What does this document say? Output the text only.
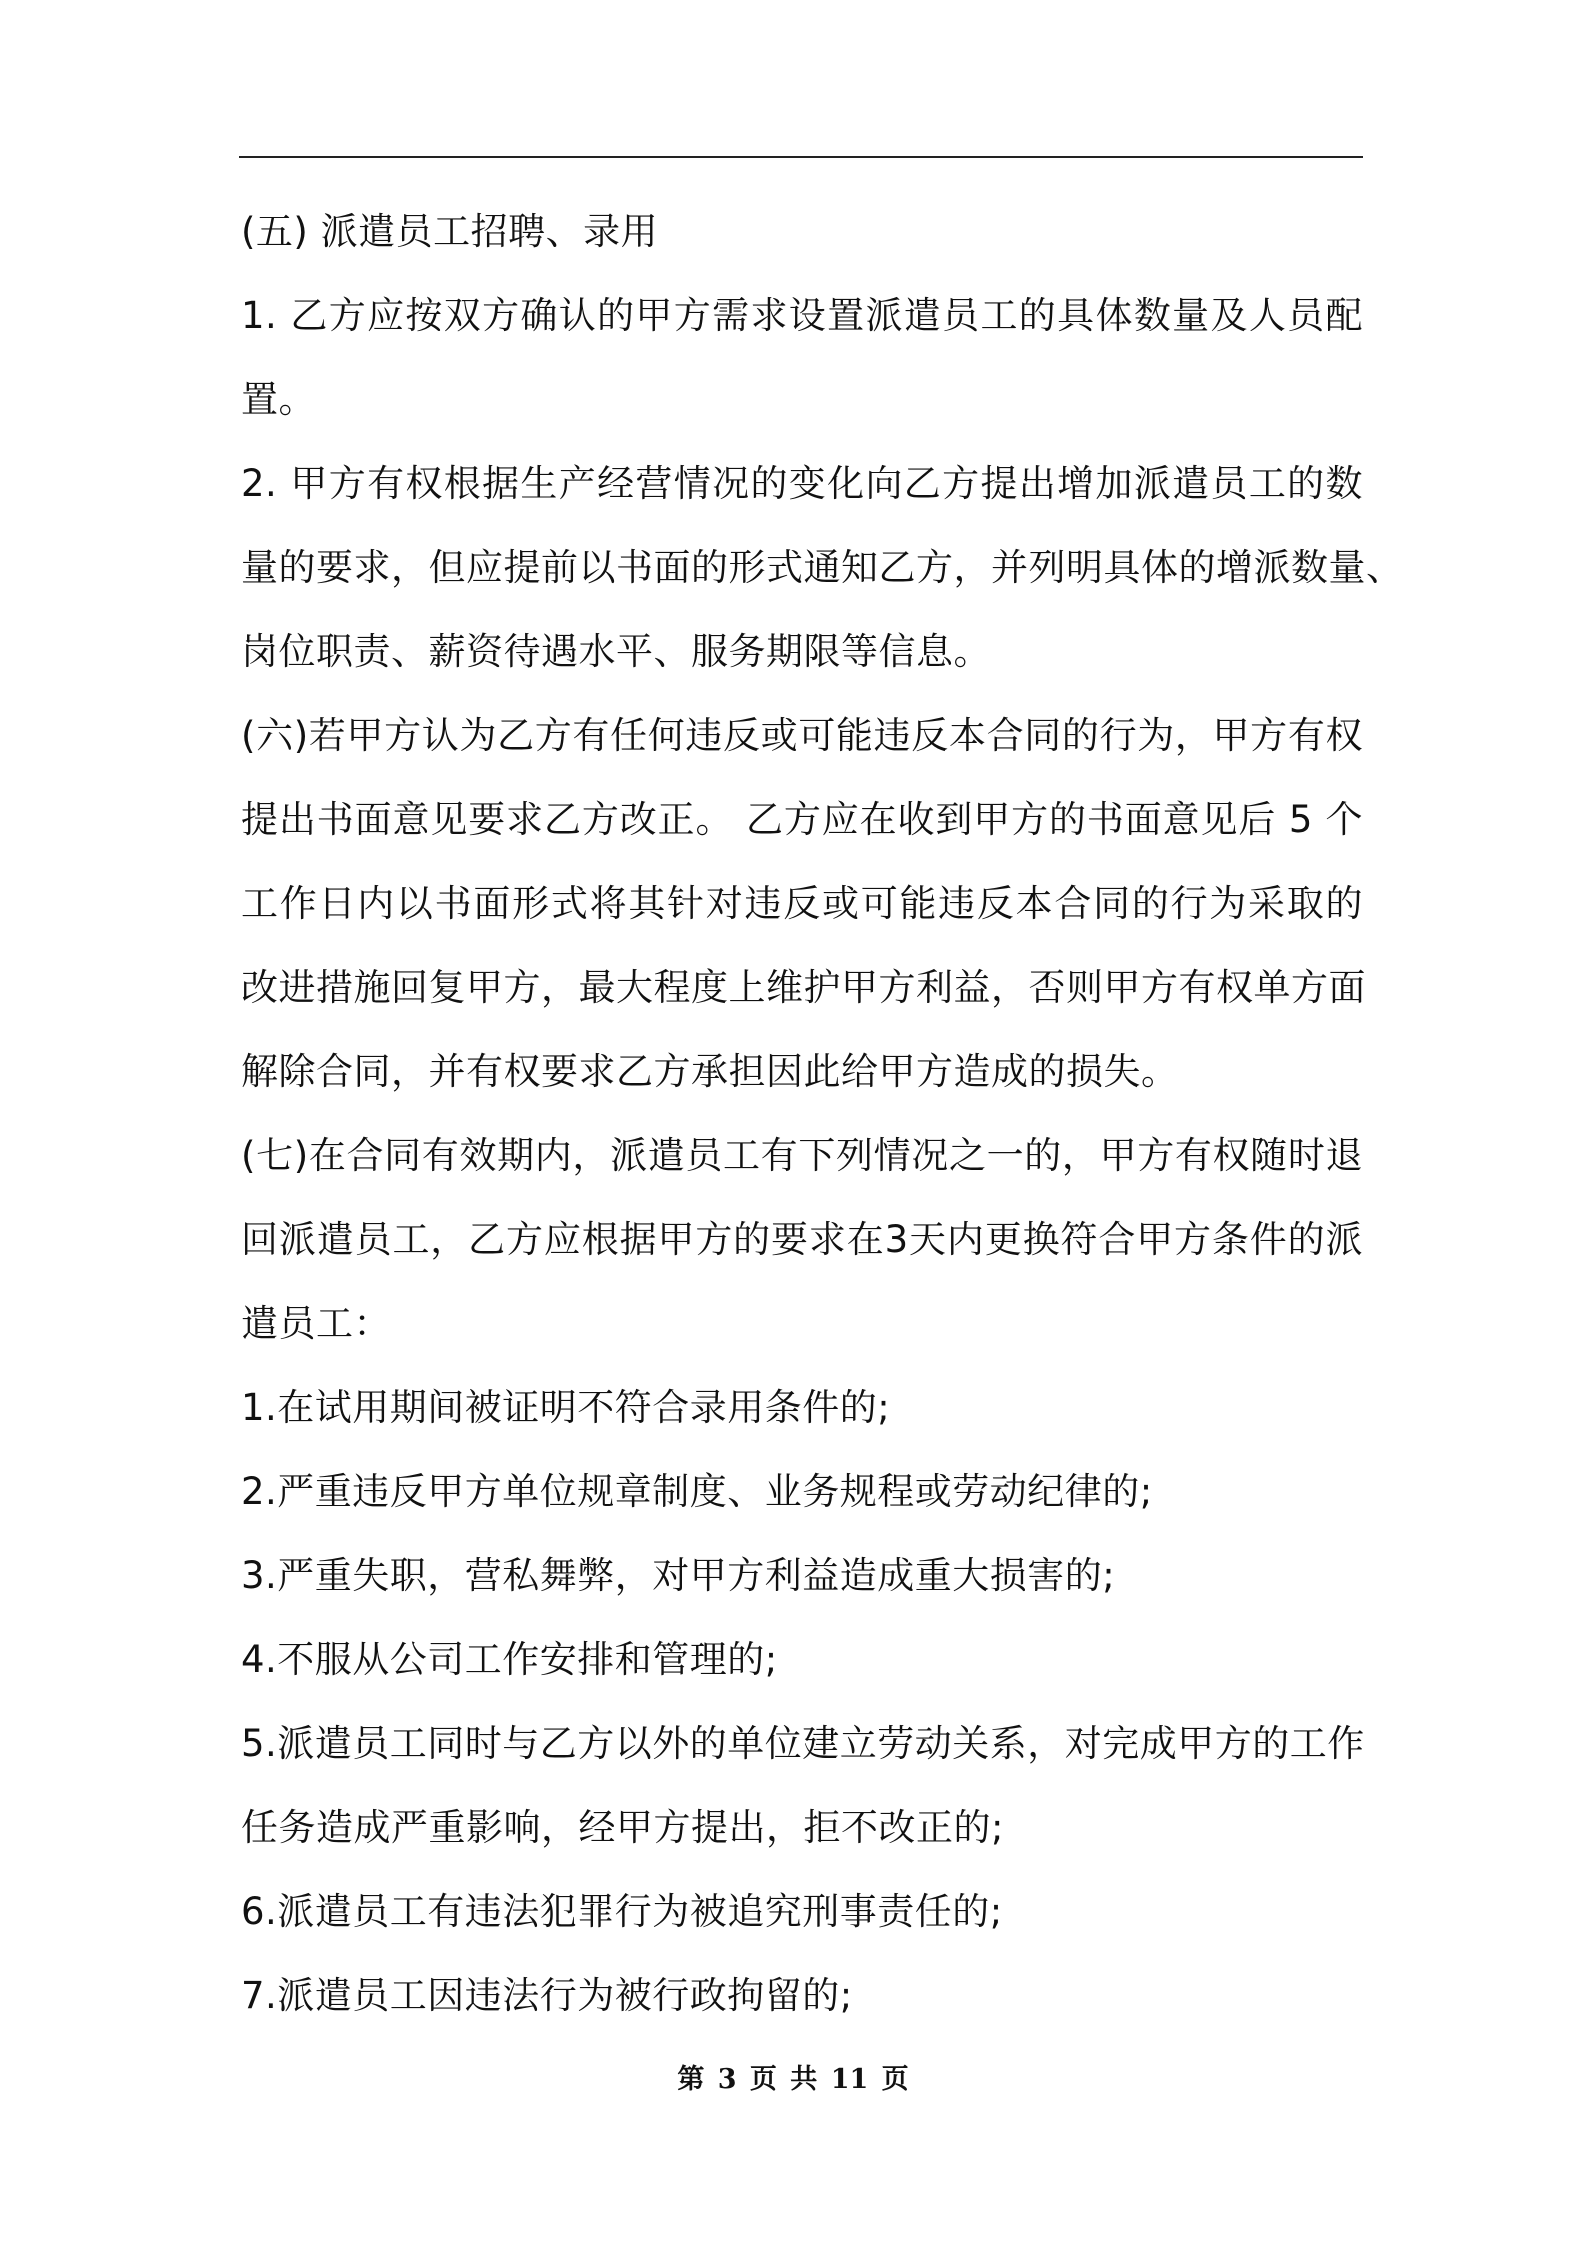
(五) 派遣员工招聘、录用
1. 乙方应按双方确认的甲方需求设置派遣员工的具体数量及人员配
置。
2. 甲方有权根据生产经营情况的变化向乙方提出增加派遣员工的数
量的要求，但应提前以书面的形式通知乙方，并列明具体的增派数量、
岗位职责、薪资待遇水平、服务期限等信息。
(六)若甲方认为乙方有任何违反或可能违反本合同的行为，甲方有权
提出书面意见要求乙方改正。 乙方应在收到甲方的书面意见后 5 个
工作日内以书面形式将其针对违反或可能违反本合同的行为采取的
改进措施回复甲方，最大程度上维护甲方利益，否则甲方有权单方面
解除合同，并有权要求乙方承担因此给甲方造成的损失。
(七)在合同有效期内，派遣员工有下列情况之一的，甲方有权随时退
回派遣员工，乙方应根据甲方的要求在3天内更换符合甲方条件的派
遣员工：
1.在试用期间被证明不符合录用条件的;
2.严重违反甲方单位规章制度、业务规程或劳动纪律的;
3.严重失职，营私舞弊，对甲方利益造成重大损害的;
4.不服从公司工作安排和管理的;
5.派遣员工同时与乙方以外的单位建立劳动关系，对完成甲方的工作
任务造成严重影响，经甲方提出，拒不改正的;
6.派遣员工有违法犯罪行为被追究刑事责任的;
7.派遣员工因违法行为被行政拘留的;
第 3 页 共 11 页
